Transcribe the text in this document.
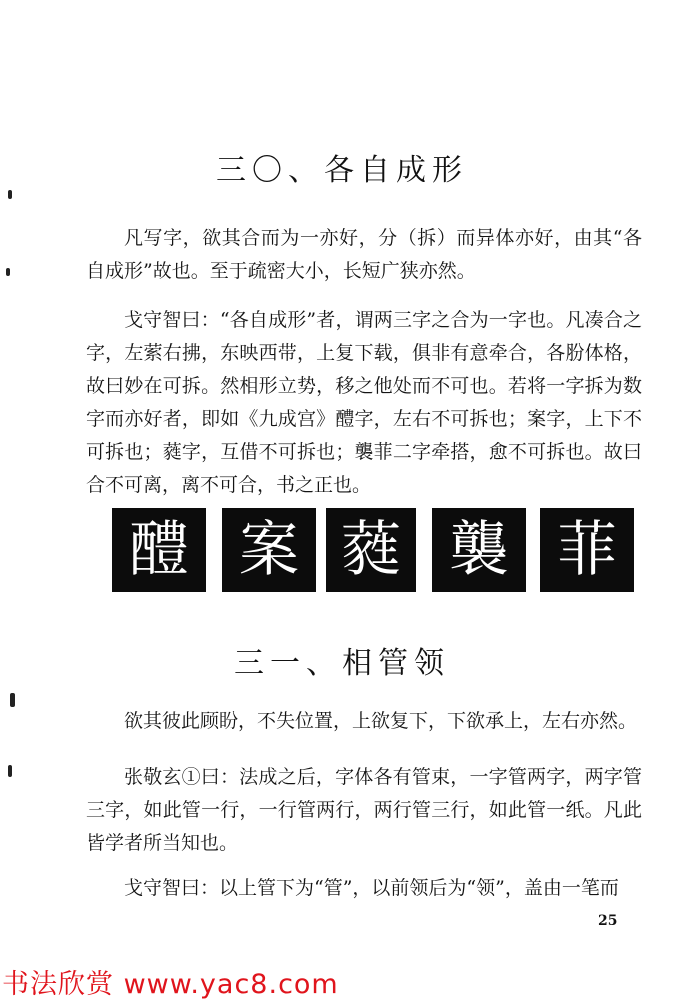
三〇、各自成形
凡写字，欲其合而为一亦好，分（拆）而异体亦好，由其“各自成形”故也。至于疏密大小，长短广狭亦然。
戈守智曰：“各自成形”者，谓两三字之合为一字也。凡凑合之字，左萦右拂，东映西带，上复下载，俱非有意牵合，各肦体格，故曰妙在可拆。然相形立势，移之他处而不可也。若将一字拆为数字而亦好者，即如《九成宫》醴字，左右不可拆也；案字，上下不可拆也；蕤字，互借不可拆也；襲菲二字牵搭，愈不可拆也。故曰合不可离，离不可合，书之正也。
醴 案 蕤 襲 菲
三一、相管领
欲其彼此顾盼，不失位置，上欲复下，下欲承上，左右亦然。
张敬玄①曰：法成之后，字体各有管束，一字管两字，两字管三字，如此管一行，一行管两行，两行管三行，如此管一纸。凡此皆学者所当知也。
戈守智曰：以上管下为“管”，以前领后为“领”，盖由一笔而
25
书法欣赏 www.yac8.com
